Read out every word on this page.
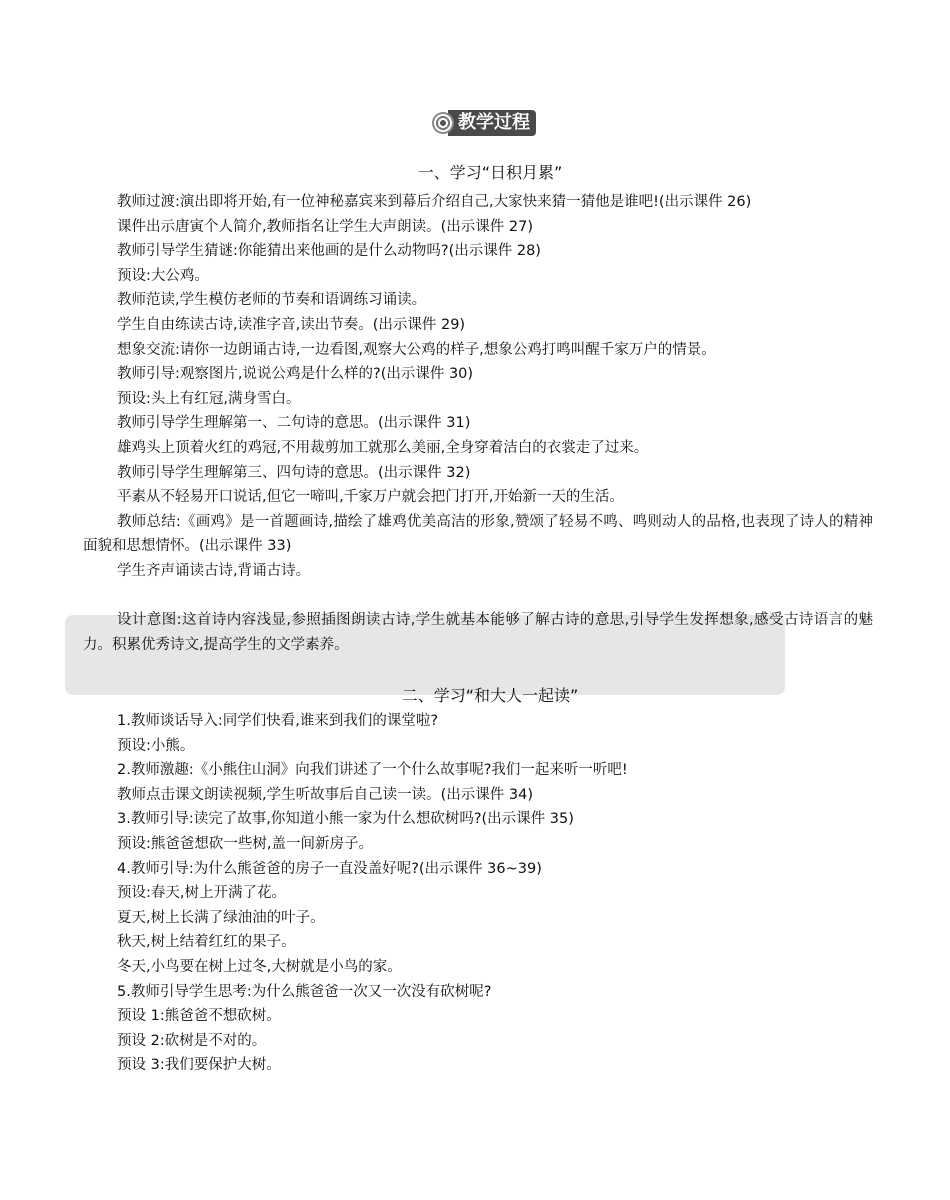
教学过程
一、学习“日积月累”

教师过渡:演出即将开始,有一位神秘嘉宾来到幕后介绍自己,大家快来猜一猜他是谁吧!(出示课件 26)

课件出示唐寅个人简介,教师指名让学生大声朗读。(出示课件 27)

教师引导学生猜谜:你能猜出来他画的是什么动物吗?(出示课件 28)

预设:大公鸡。

教师范读,学生模仿老师的节奏和语调练习诵读。

学生自由练读古诗,读准字音,读出节奏。(出示课件 29)

想象交流:请你一边朗诵古诗,一边看图,观察大公鸡的样子,想象公鸡打鸣叫醒千家万户的情景。

教师引导:观察图片,说说公鸡是什么样的?(出示课件 30)

预设:头上有红冠,满身雪白。

教师引导学生理解第一、二句诗的意思。(出示课件 31)

雄鸡头上顶着火红的鸡冠,不用裁剪加工就那么美丽,全身穿着洁白的衣裳走了过来。

教师引导学生理解第三、四句诗的意思。(出示课件 32)

平素从不轻易开口说话,但它一啼叫,千家万户就会把门打开,开始新一天的生活。

教师总结:《画鸡》是一首题画诗,描绘了雄鸡优美高洁的形象,赞颂了轻易不鸣、鸣则动人的品格,也表现了诗人的精神面貌和思想情怀。(出示课件 33)

学生齐声诵读古诗,背诵古诗。

设计意图:这首诗内容浅显,参照插图朗读古诗,学生就基本能够了解古诗的意思,引导学生发挥想象,感受古诗语言的魅力。积累优秀诗文,提高学生的文学素养。

二、学习“和大人一起读”

1.教师谈话导入:同学们快看,谁来到我们的课堂啦?

预设:小熊。

2.教师激趣:《小熊住山洞》向我们讲述了一个什么故事呢?我们一起来听一听吧!

教师点击课文朗读视频,学生听故事后自己读一读。(出示课件 34)

3.教师引导:读完了故事,你知道小熊一家为什么想砍树吗?(出示课件 35)

预设:熊爸爸想砍一些树,盖一间新房子。

4.教师引导:为什么熊爸爸的房子一直没盖好呢?(出示课件 36~39)

预设:春天,树上开满了花。

夏天,树上长满了绿油油的叶子。

秋天,树上结着红红的果子。

冬天,小鸟要在树上过冬,大树就是小鸟的家。

5.教师引导学生思考:为什么熊爸爸一次又一次没有砍树呢?

预设 1:熊爸爸不想砍树。

预设 2:砍树是不对的。

预设 3:我们要保护大树。
